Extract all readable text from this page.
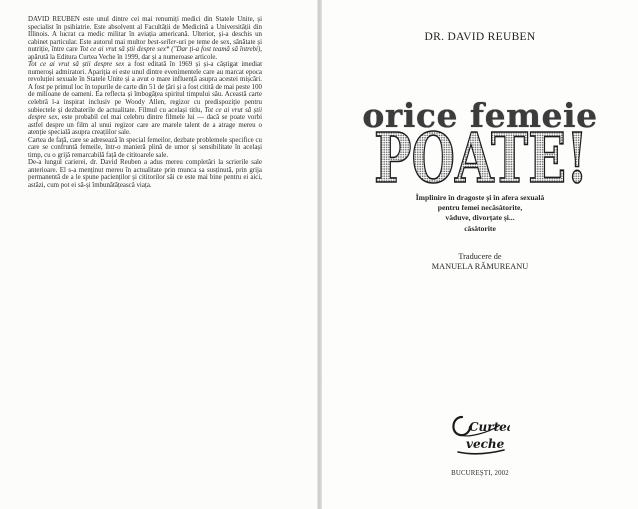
DAVID REUBEN este unul dintre cei mai renumiți medici din Statele Unite, și specialist în psihiatrie. Este absolvent al Facultății de Medicină a Universității din Illinois. A lucrat ca medic militar în aviația americană. Ulterior, și-a deschis un cabinet particular. Este autorul mai multor best-seller-uri pe teme de sex, sănătate și nutriție, între care Tot ce ai vrut să știi despre sex* ("Dar ți-a fost teamă să întrebi), apărută la Editura Curtea Veche în 1999, dar și a numeroase articole.

Tot ce ai vrut să știi despre sex a fost editată în 1969 și și-a câștigat imediat numeroși admiratori. Apariția ei este unul dintre evenimentele care au marcat epoca revoluției sexuale în Statele Unite și a avut o mare influență asupra acestei mișcări. A fost pe primul loc în topurile de carte din 51 de țări și a fost citită de mai peste 100 de milioane de oameni. Ea reflecta și îmbogățea spiritul timpului său. Această carte celebră l-a inspirat inclusiv pe Woody Allen, regizor cu predispoziție pentru subiectele și dezbaterile de actualitate. Filmul cu același titlu, Tot ce ai vrut să știi despre sex, este probabil cel mai celebru dintre filmele lui — dacă se poate vorbi astfel despre un film al unui regizor care are marele talent de a atrage mereu o atenție specială asupra creațiilor sale.

Cartea de față, care se adresează în special femeilor, dezbate problemele specifice cu care se confruntă femeile, într-o manieră plină de umor și sensibilitate în același timp, cu o grijă remarcabilă față de cititoarele sale.

De-a lungul carierei, dr. David Reuben a adus mereu completări la scrierile sale anterioare. El s-a menținut mereu în actualitate prin munca sa susținută, prin grija permanentă de a le spune pacienților și cititorilor săi ce este mai bine pentru ei aici, astăzi, cum pot ei să-și îmbunătățească viața.

DR. DAVID REUBEN
orice femeie
POATE!
Împlinire în dragoste și în afera sexuală
pentru femei necăsătorite,
văduve, divorțate și...
căsătorite
Traducere de
MANUELA RĂMUREANU
Curte
veche
BUCUREȘTI, 2002
